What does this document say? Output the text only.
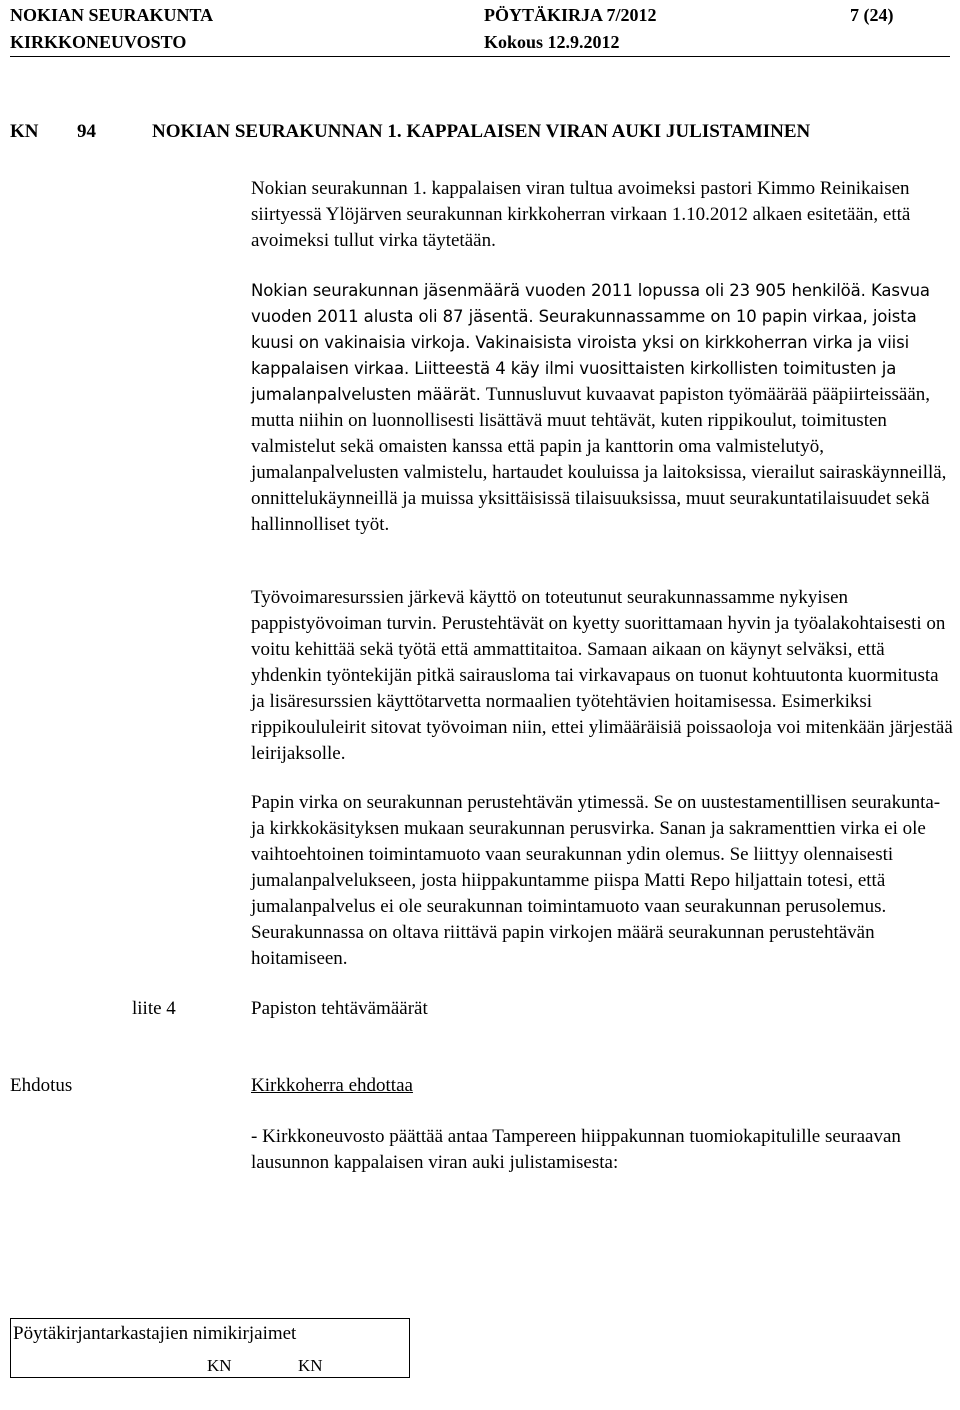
NOKIAN SEURAKUNTA
KIRKKONEUVOSTO
PÖYTÄKIRJA 7/2012
Kokous 12.9.2012
7 (24)
KN 94	NOKIAN SEURAKUNNAN 1. KAPPALAISEN VIRAN AUKI JULISTAMINEN

Nokian seurakunnan 1. kappalaisen viran tultua avoimeksi pastori Kimmo Reinikaisen siirtyessä Ylöjärven seurakunnan kirkkoherran virkaan 1.10.2012 alkaen esitetään, että avoimeksi tullut virka täytetään.

Nokian seurakunnan jäsenmäärä vuoden 2011 lopussa oli 23 905 henkilöä. Kasvua vuoden 2011 alusta oli 87 jäsentä. Seurakunnassamme on 10 papin virkaa, joista kuusi on vakinaisia virkoja. Vakinaisista viroista yksi on kirkkoherran virka ja viisi kappalaisen virkaa. Liitteestä 4 käy ilmi vuosittaisten kirkollisten toimitusten ja jumalanpalvelusten määrät. Tunnusluvut kuvaavat papiston työmäärää pääpiirteissään, mutta niihin on luonnollisesti lisättävä muut tehtävät, kuten rippikoulut, toimitusten valmistelut sekä omaisten kanssa että papin ja kanttorin oma valmistelutyö, jumalanpalvelusten valmistelu, hartaudet kouluissa ja laitoksissa, vierailut sairaskäynneillä, onnittelukäynneillä ja muissa yksittäisissä tilaisuuksissa, muut seurakuntatilaisuudet sekä hallinnolliset työt.

Työvoimaresurssien järkevä käyttö on toteutunut seurakunnassamme nykyisen pappistyövoiman turvin. Perustehtävät on kyetty suorittamaan hyvin ja työalakohtaisesti on voitu kehittää sekä työtä että ammattitaitoa. Samaan aikaan on käynyt selväksi, että yhdenkin työntekijän pitkä sairausloma tai virkavapaus on tuonut kohtuutonta kuormitusta ja lisäresurssien käyttötarvetta normaalien työtehtävien hoitamisessa. Esimerkiksi rippikoululeirit sitovat työvoiman niin, ettei ylimääräisiä poissaoloja voi mitenkään järjestää leirijaksolle.

Papin virka on seurakunnan perustehtävän ytimessä. Se on uustestamentillisen seurakunta- ja kirkkokäsityksen mukaan seurakunnan perusvirka. Sanan ja sakramenttien virka ei ole vaihtoehtoinen toimintamuoto vaan seurakunnan ydin olemus. Se liittyy olennaisesti jumalanpalvelukseen, josta hiippakuntamme piispa Matti Repo hiljattain totesi, että jumalanpalvelus ei ole seurakunnan toimintamuoto vaan seurakunnan perusolemus. Seurakunnassa on oltava riittävä papin virkojen määrä seurakunnan perustehtävän hoitamiseen.

liite 4	Papiston tehtävämäärät
Ehdotus	Kirkkoherra ehdottaa

- Kirkkoneuvosto päättää antaa Tampereen hiippakunnan tuomiokapitulille seuraavan lausunnon kappalaisen viran auki julistamisesta:

Pöytäkirjantarkastajien nimikirjaimet
KN	KN
